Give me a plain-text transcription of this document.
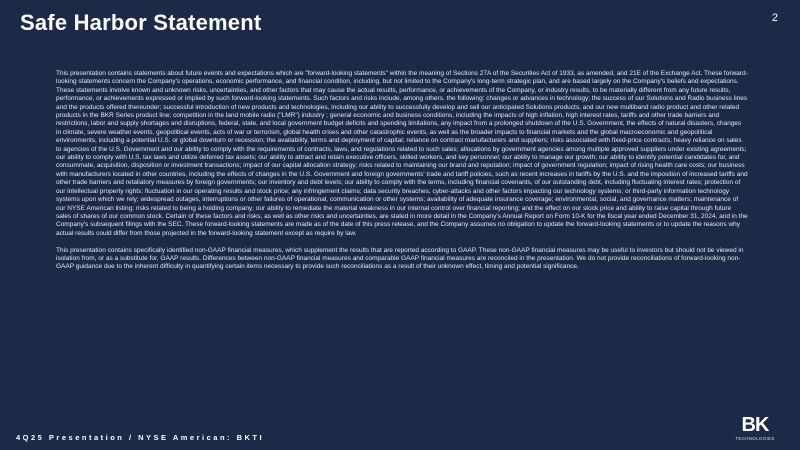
Safe Harbor Statement	2

This presentation contains statements about future events and expectations which are "forward-looking statements" within the meaning of Sections 27A of the Securities Act of 1933, as amended, and 21E of the Exchange Act. These forward-looking statements concern the Company's operations, economic performance, and financial condition, including, but not limited to the Company's long-term strategic plan, and are based largely on the Company's beliefs and expectations. These statements involve known and unknown risks, uncertainties, and other factors that may cause the actual results, performance, or achievements of the Company, or industry results, to be materially different from any future results, performance, or achievements expressed or implied by such forward-looking statements. Such factors and risks include, among others, the following: changes or advances in technology; the success of our Solutions and Radio business lines and the products offered thereunder; successful introduction of new products and technologies, including our ability to successfully develop and sell our anticipated Solutions products, and our new multiband radio product and other related products in the BKR Series product line; competition in the land mobile radio ("LMR") industry ; general economic and business conditions, including the impacts of high inflation, high interest rates, tariffs and other trade barriers and restrictions, labor and supply shortages and disruptions, federal, state, and local government budget deficits and spending limitations, any impact from a prolonged shutdown of the U.S. Government, the effects of natural disasters, changes in climate, severe weather events, geopolitical events, acts of war or terrorism, global health crises and other catastrophic events, as well as the broader impacts to financial markets and the global macroeconomic and geopolitical environments, including a potential U.S. or global downturn or recession; the availability, terms and deployment of capital; reliance on contract manufacturers and suppliers; risks associated with fixed-price contracts; heavy reliance on sales to agencies of the U.S. Government and our ability to comply with the requirements of contracts, laws, and regulations related to such sales; allocations by government agencies among multiple approved suppliers under existing agreements; our ability to comply with U.S. tax laws and utilize deferred tax assets; our ability to attract and retain executive officers, skilled workers, and key personnel; our ability to manage our growth; our ability to identify potential candidates for, and consummate, acquisition, disposition or investment transactions; impact of our capital allocation strategy; risks related to maintaining our brand and reputation; impact of government regulation; impact of rising health care costs; our business with manufacturers located in other countries, including the effects of changes in the U.S. Government and foreign governments' trade and tariff policies, such as recent increases in tariffs by the U.S. and the imposition of increased tariffs and other trade barriers and retaliatory measures by foreign governments; our inventory and debt levels; our ability to comply with the terms, including financial covenants, of our outstanding debt, including fluctuating interest rates; protection of our intellectual property rights; fluctuation in our operating results and stock price; any infringement claims; data security breaches, cyber-attacks and other factors impacting our technology systems; or third-party information technology systems upon which we rely; widespread outages, interruptions or other failures of operational, communication or other systems; availability of adequate insurance coverage; environmental, social, and governance matters; maintenance of our NYSE American listing; risks related to being a holding company; our ability to remediate the material weakness in our internal control over financial reporting; and the effect on our stock price and ability to raise capital through future sales of shares of our common stock. Certain of these factors and risks, as well as other risks and uncertainties, are stated in more detail in the Company's Annual Report on Form 10-K for the fiscal year ended December 31, 2024, and in the Company's subsequent filings with the SEC. These forward-looking statements are made as of the date of this press release, and the Company assumes no obligation to update the forward-looking statements or to update the reasons why actual results could differ from those projected in the forward-looking statement except as require by law.

This presentation contains specifically identified non-GAAP financial measures, which supplement the results that are reported according to GAAP. These non-GAAP financial measures may be useful to investors but should not be viewed in isolation from, or as a substitute for, GAAP results. Differences between non-GAAP financial measures and comparable GAAP financial measures are reconciled in the presentation. We do not provide reconciliations of forward-looking non-GAAP guidance due to the inherent difficulty in quantifying certain items necessary to provide such reconciliations as a result of their unknown effect, timing and potential significance.

4Q25 Presentation / NYSE American: BKTI
BK
TECHNOLOGIES
